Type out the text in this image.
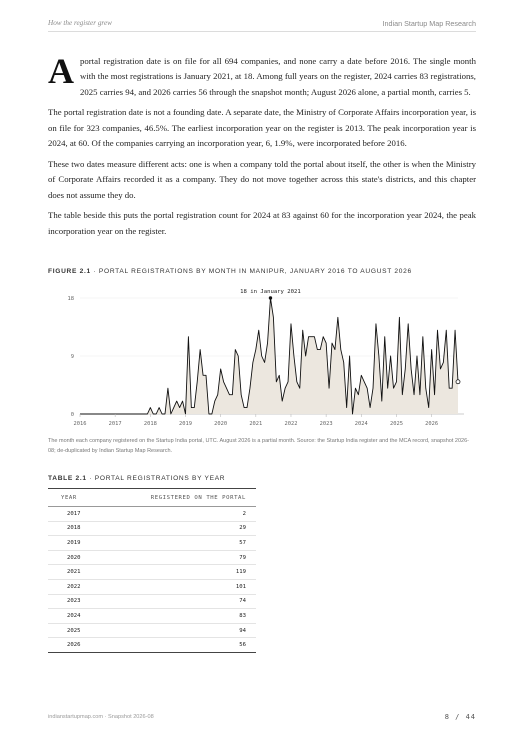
How the register grew	Indian Startup Map Research

Aportal registration date is on file for all 694 companies, and none carry a date before 2016. The single month with the most registrations is January 2021, at 18. Among full years on the register, 2024 carries 83 registrations, 2025 carries 94, and 2026 carries 56 through the snapshot month; August 2026 alone, a partial month, carries 5.

The portal registration date is not a founding date. A separate date, the Ministry of Corporate Affairs incorporation year, is on file for 323 companies, 46.5%. The earliest incorporation year on the register is 2013. The peak incorporation year is 2024, at 60. Of the companies carrying an incorporation year, 6, 1.9%, were incorporated before 2016.

These two dates measure different acts: one is when a company told the portal about itself, the other is when the Ministry of Corporate Affairs recorded it as a company. They do not move together across this state's districts, and this chapter does not assume they do.

The table beside this puts the portal registration count for 2024 at 83 against 60 for the incorporation year 2024, the peak incorporation year on the register.

FIGURE 2.1 · PORTAL REGISTRATIONS BY MONTH IN MANIPUR, JANUARY 2016 TO AUGUST 2026
0
9
18
2016	2017	2018	2019	2020	2021	2022	2023	2024	2025	2026
18 in January 2021
The month each company registered on the Startup India portal, UTC. August 2026 is a partial month. Source: the Startup India register and the MCA record, snapshot 2026-08; de-duplicated by Indian Startup Map Research.
TABLE 2.1 · PORTAL REGISTRATIONS BY YEAR
YEAR	REGISTERED ON THE PORTAL
2017	2
2018	29
2019	57
2020	79
2021	119
2022	101
2023	74
2024	83
2025	94
2026	56
indianstartupmap.com · Snapshot 2026-08	8 / 44
